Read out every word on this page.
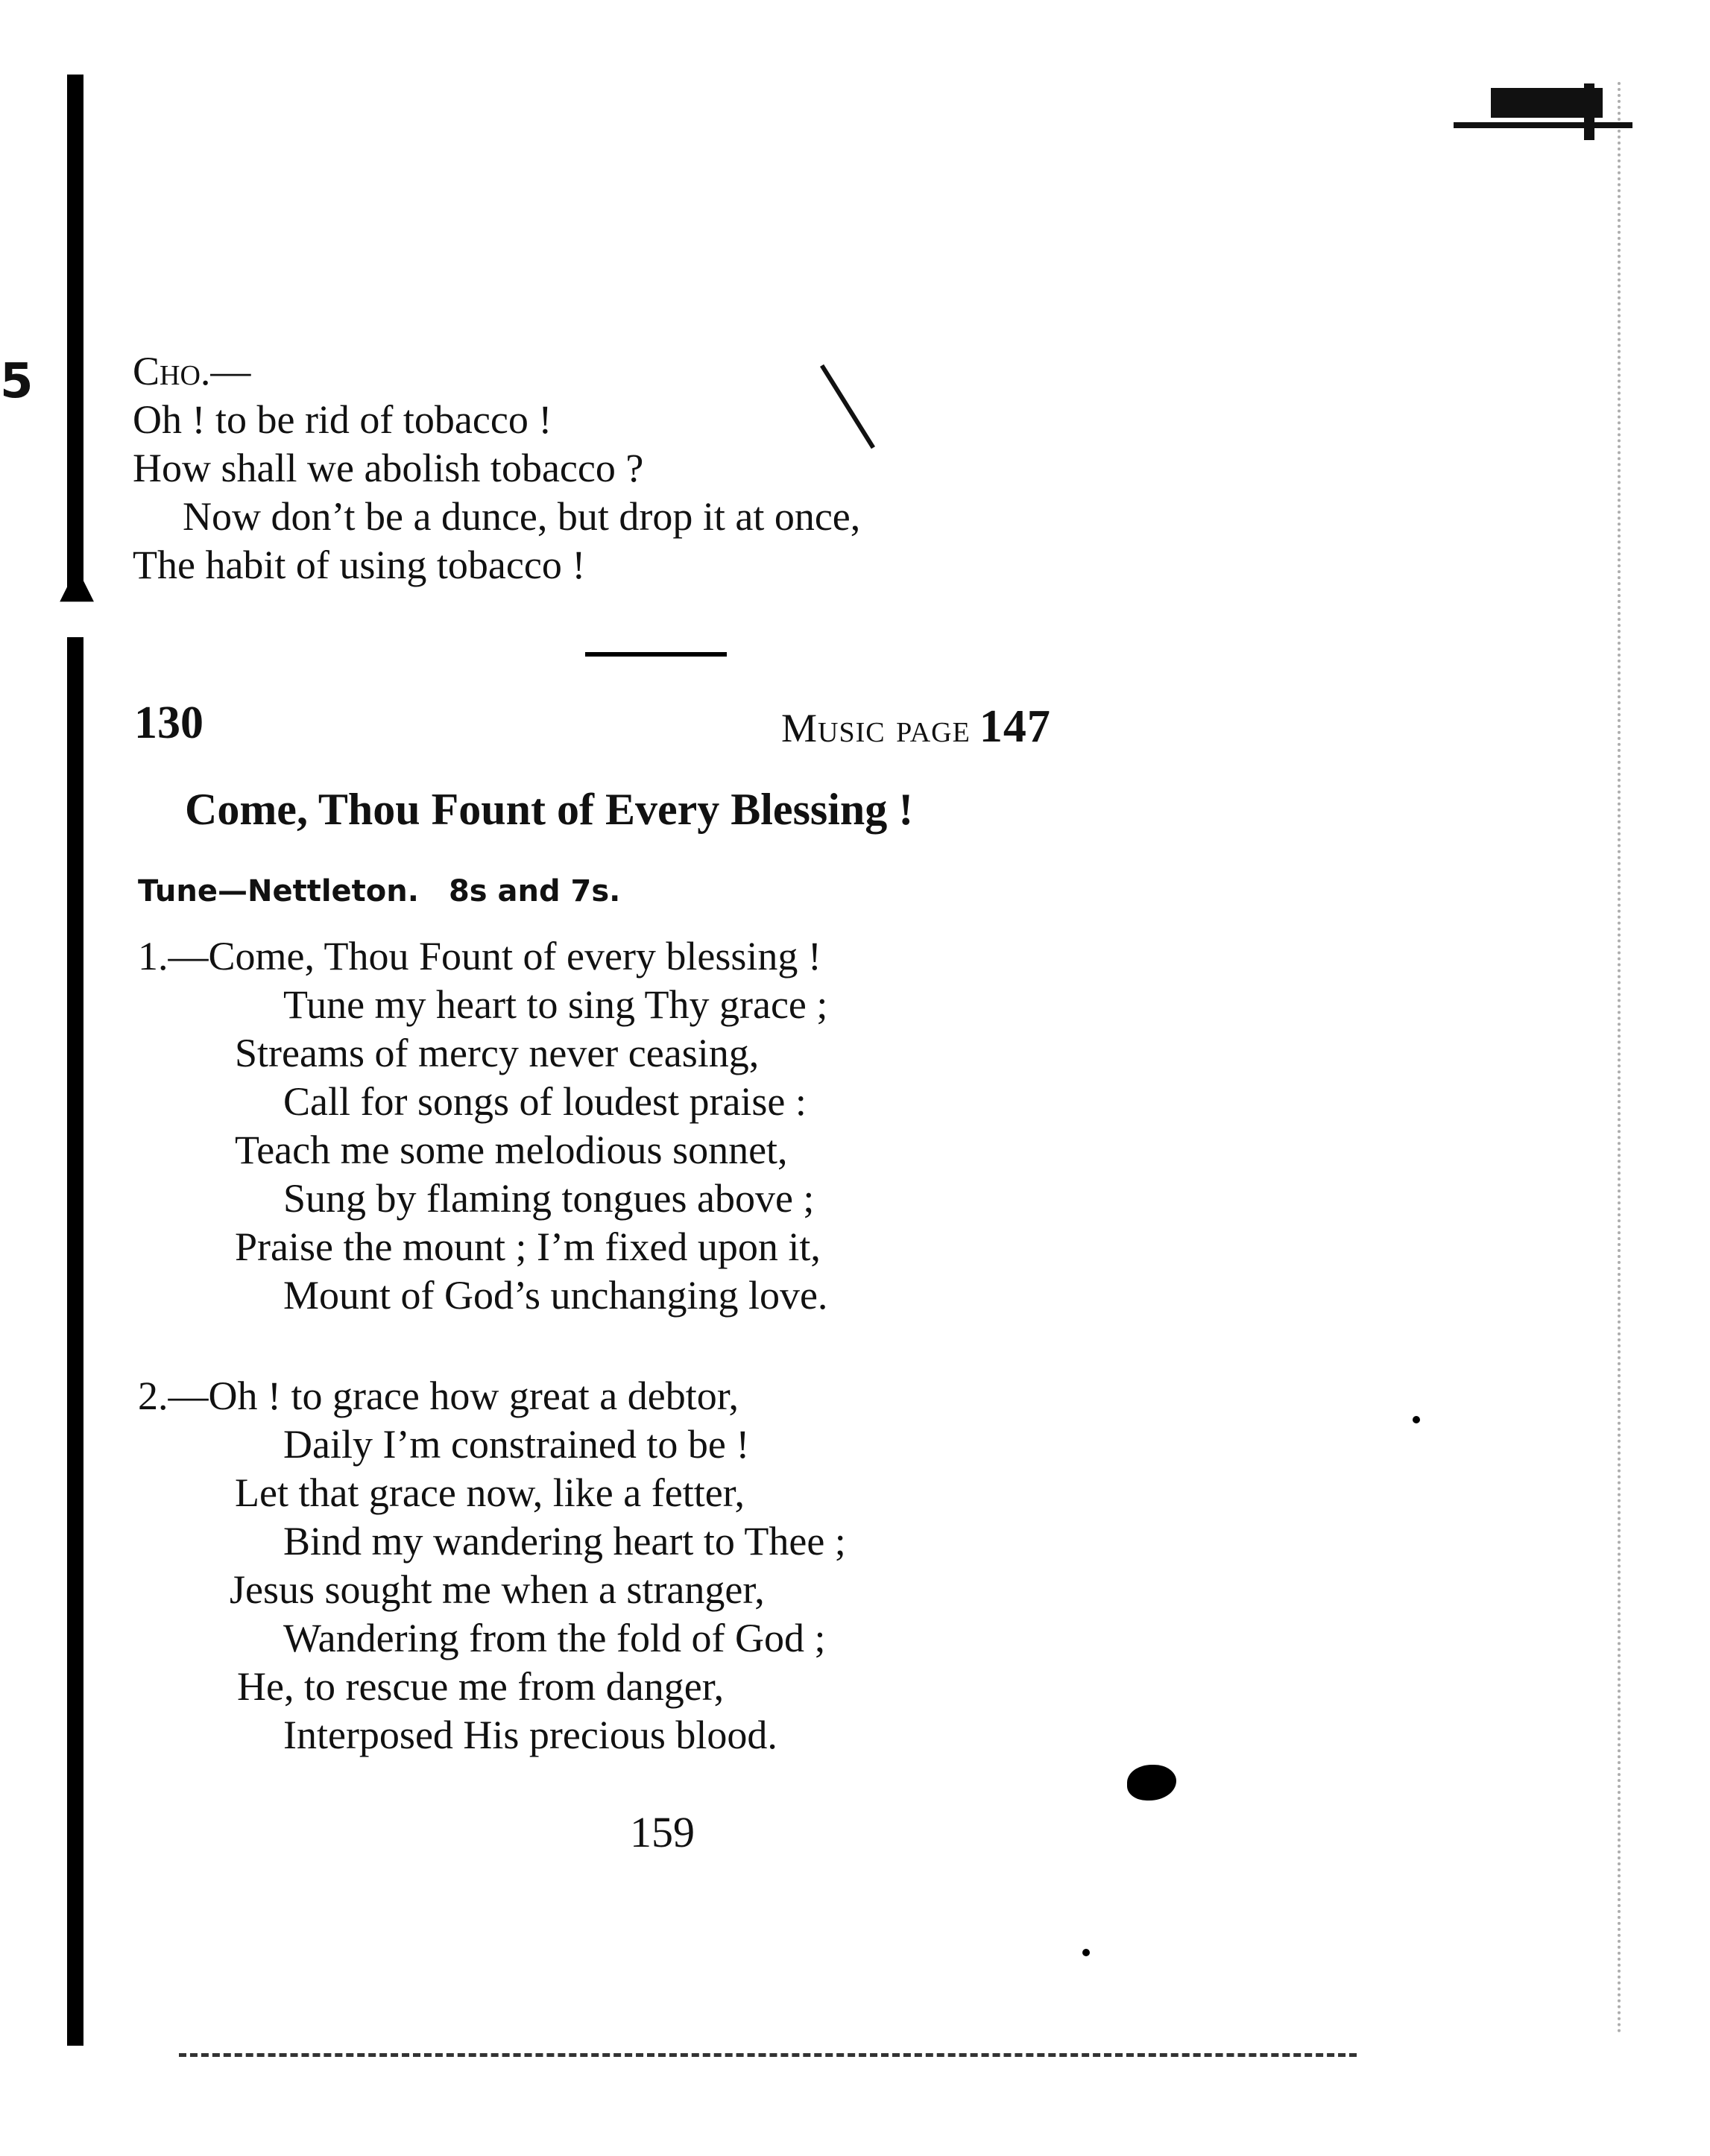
▲
5 Cho.—
Oh ! to be rid of tobacco !
How shall we abolish tobacco ?
Now don’t be a dunce, but drop it at once,
The habit of using tobacco !
130	Music page 147
Come, Thou Fount of Every Blessing !
Tune—Nettleton. 8s and 7s.
1.—Come, Thou Fount of every blessing !
Tune my heart to sing Thy grace ;
Streams of mercy never ceasing,
Call for songs of loudest praise :
Teach me some melodious sonnet,
Sung by flaming tongues above ;
Praise the mount ; I’m fixed upon it,
Mount of God’s unchanging love.
2.—Oh ! to grace how great a debtor,
Daily I’m constrained to be !
Let that grace now, like a fetter,
Bind my wandering heart to Thee ;
Jesus sought me when a stranger,
Wandering from the fold of God ;
He, to rescue me from danger,
Interposed His precious blood.
159
